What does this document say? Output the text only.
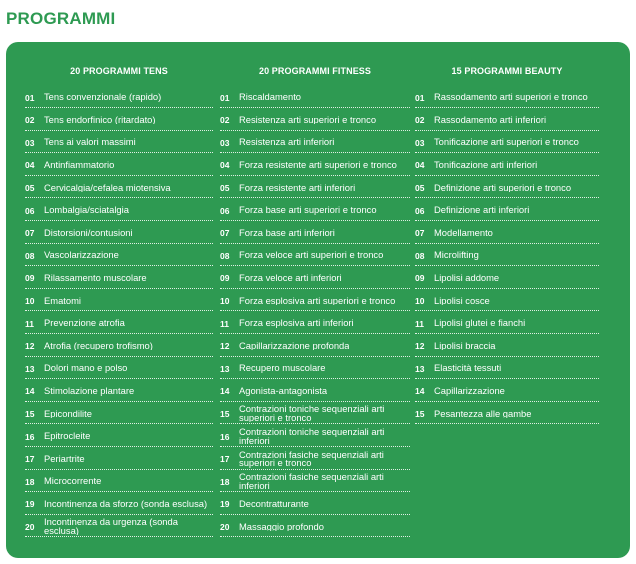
PROGRAMMI
20 PROGRAMMI TENS
01	Tens convenzionale (rapido)
02	Tens endorfinico (ritardato)
03	Tens ai valori massimi
04	Antinfiammatorio
05	Cervicalgia/cefalea miotensiva
06	Lombalgia/sciatalgia
07	Distorsioni/contusioni
08	Vascolarizzazione
09	Rilassamento muscolare
10	Ematomi
11	Prevenzione atrofia
12	Atrofia (recupero trofismo)
13	Dolori mano e polso
14	Stimolazione plantare
15	Epicondilite
16	Epitrocleite
17	Periartrite
18	Microcorrente
19	Incontinenza da sforzo (sonda esclusa)
20	Incontinenza da urgenza (sonda esclusa)
20 PROGRAMMI FITNESS
01	Riscaldamento
02	Resistenza arti superiori e tronco
03	Resistenza arti inferiori
04	Forza resistente arti superiori e tronco
05	Forza resistente arti inferiori
06	Forza base arti superiori e tronco
07	Forza base arti inferiori
08	Forza veloce arti superiori e tronco
09	Forza veloce arti inferiori
10	Forza esplosiva arti superiori e tronco
11	Forza esplosiva arti inferiori
12	Capillarizzazione profonda
13	Recupero muscolare
14	Agonista-antagonista
15	Contrazioni toniche sequenziali arti superiori e tronco
16	Contrazioni toniche sequenziali arti inferiori
17	Contrazioni fasiche sequenziali arti superiori e tronco
18	Contrazioni fasiche sequenziali arti inferiori
19	Decontratturante
20	Massaggio profondo
15 PROGRAMMI BEAUTY
01	Rassodamento arti superiori e tronco
02	Rassodamento arti inferiori
03	Tonificazione arti superiori e tronco
04	Tonificazione arti inferiori
05	Definizione arti superiori e tronco
06	Definizione arti inferiori
07	Modellamento
08	Microlifting
09	Lipolisi addome
10	Lipolisi cosce
11	Lipolisi glutei e fianchi
12	Lipolisi braccia
13	Elasticità tessuti
14	Capillarizzazione
15	Pesantezza alle gambe
